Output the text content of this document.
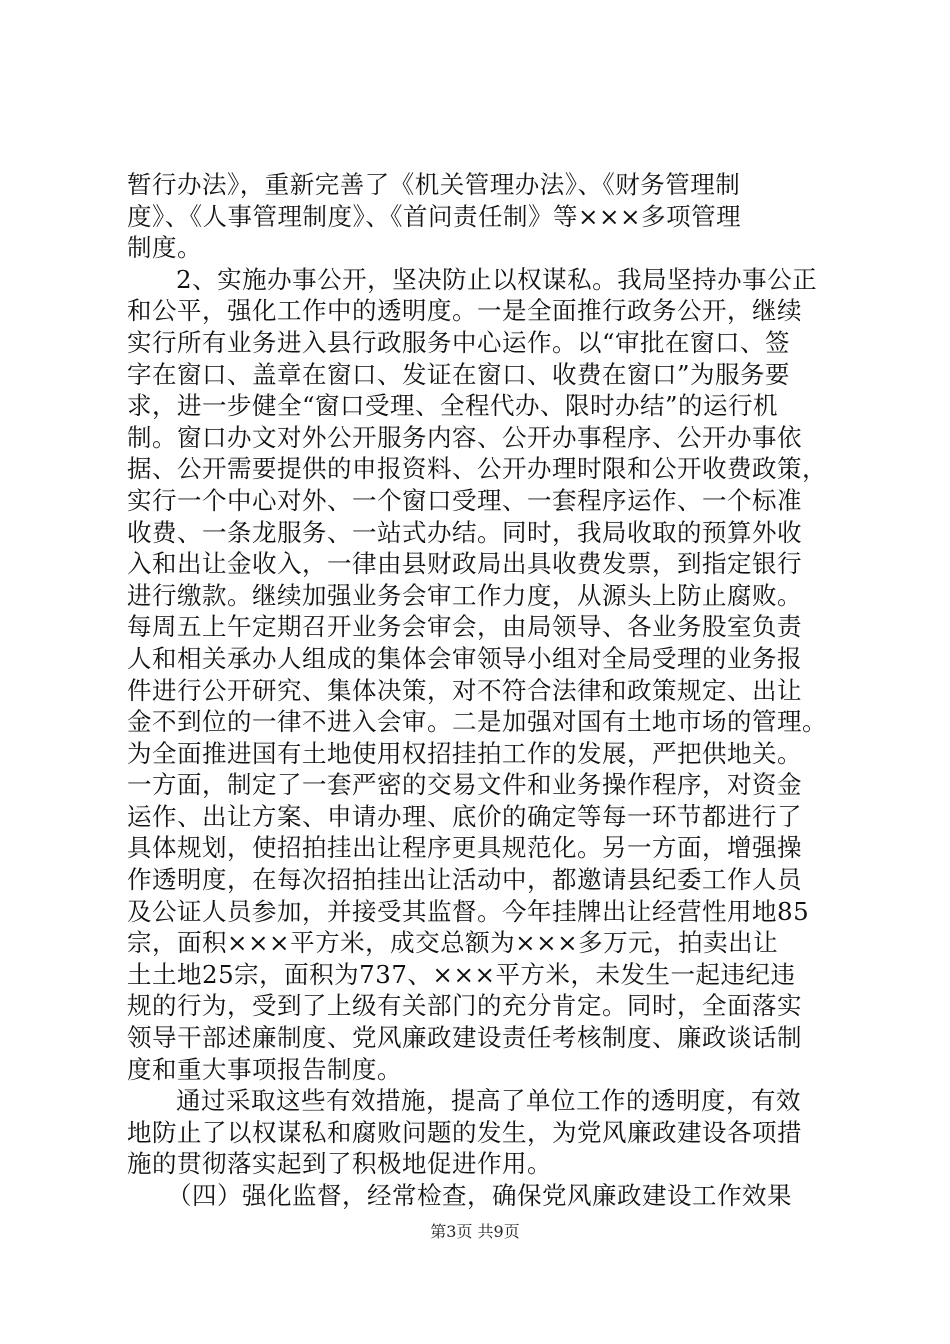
暂行办法》，重新完善了《机关管理办法》、《财务管理制
度》、《人事管理制度》、《首问责任制》等×××多项管理
制度。
2、实施办事公开，坚决防止以权谋私。我局坚持办事公正
和公平，强化工作中的透明度。一是全面推行政务公开，继续
实行所有业务进入县行政服务中心运作。以“审批在窗口、签
字在窗口、盖章在窗口、发证在窗口、收费在窗口”为服务要
求，进一步健全“窗口受理、全程代办、限时办结”的运行机
制。窗口办文对外公开服务内容、公开办事程序、公开办事依
据、公开需要提供的申报资料、公开办理时限和公开收费政策，
实行一个中心对外、一个窗口受理、一套程序运作、一个标准
收费、一条龙服务、一站式办结。同时，我局收取的预算外收
入和出让金收入，一律由县财政局出具收费发票，到指定银行
进行缴款。继续加强业务会审工作力度，从源头上防止腐败。
每周五上午定期召开业务会审会，由局领导、各业务股室负责
人和相关承办人组成的集体会审领导小组对全局受理的业务报
件进行公开研究、集体决策，对不符合法律和政策规定、出让
金不到位的一律不进入会审。二是加强对国有土地市场的管理。
为全面推进国有土地使用权招挂拍工作的发展，严把供地关。
一方面，制定了一套严密的交易文件和业务操作程序，对资金
运作、出让方案、申请办理、底价的确定等每一环节都进行了
具体规划，使招拍挂出让程序更具规范化。另一方面，增强操
作透明度，在每次招拍挂出让活动中，都邀请县纪委工作人员
及公证人员参加，并接受其监督。今年挂牌出让经营性用地85
宗，面积×××平方米，成交总额为×××多万元，拍卖出让
土土地25宗，面积为737、×××平方米，未发生一起违纪违
规的行为，受到了上级有关部门的充分肯定。同时，全面落实
领导干部述廉制度、党风廉政建设责任考核制度、廉政谈话制
度和重大事项报告制度。
通过采取这些有效措施，提高了单位工作的透明度，有效
地防止了以权谋私和腐败问题的发生，为党风廉政建设各项措
施的贯彻落实起到了积极地促进作用。
（四）强化监督，经常检查，确保党风廉政建设工作效果
第3页 共9页
